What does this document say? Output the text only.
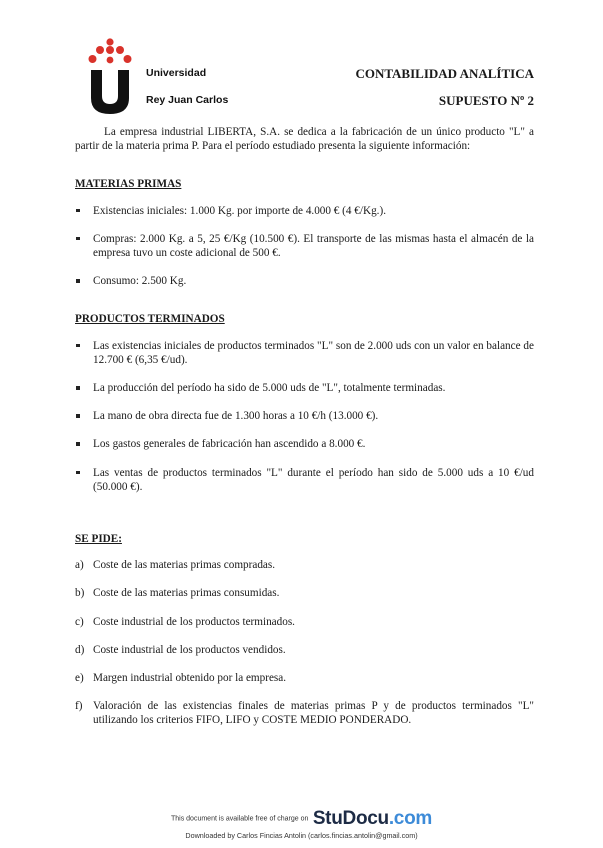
Universidad
Rey Juan Carlos
CONTABILIDAD ANALÍTICA
SUPUESTO Nº 2

La empresa industrial LIBERTA, S.A. se dedica a la fabricación de un único producto "L" a partir de la materia prima P. Para el período estudiado presenta la siguiente información:

MATERIAS PRIMAS

Existencias iniciales: 1.000 Kg. por importe de 4.000 € (4 €/Kg.).
Compras: 2.000 Kg. a 5, 25 €/Kg (10.500 €). El transporte de las mismas hasta el almacén de la empresa tuvo un coste adicional de 500 €.
Consumo: 2.500 Kg.

PRODUCTOS TERMINADOS

Las existencias iniciales de productos terminados "L" son de 2.000 uds con un valor en balance de 12.700 € (6,35 €/ud).
La producción del período ha sido de 5.000 uds de "L", totalmente terminadas.
La mano de obra directa fue de 1.300 horas a 10 €/h (13.000 €).
Los gastos generales de fabricación han ascendido a 8.000 €.
Las ventas de productos terminados "L" durante el período han sido de 5.000 uds a 10 €/ud (50.000 €).

SE PIDE:

a) Coste de las materias primas compradas.
b) Coste de las materias primas consumidas.
c) Coste industrial de los productos terminados.
d) Coste industrial de los productos vendidos.
e) Margen industrial obtenido por la empresa.
f) Valoración de las existencias finales de materias primas P y de productos terminados "L" utilizando los criterios FIFO, LIFO y COSTE MEDIO PONDERADO.
This document is available free of charge on StuDocu.com
Downloaded by Carlos Fincias Antolin (carlos.fincias.antolin@gmail.com)
